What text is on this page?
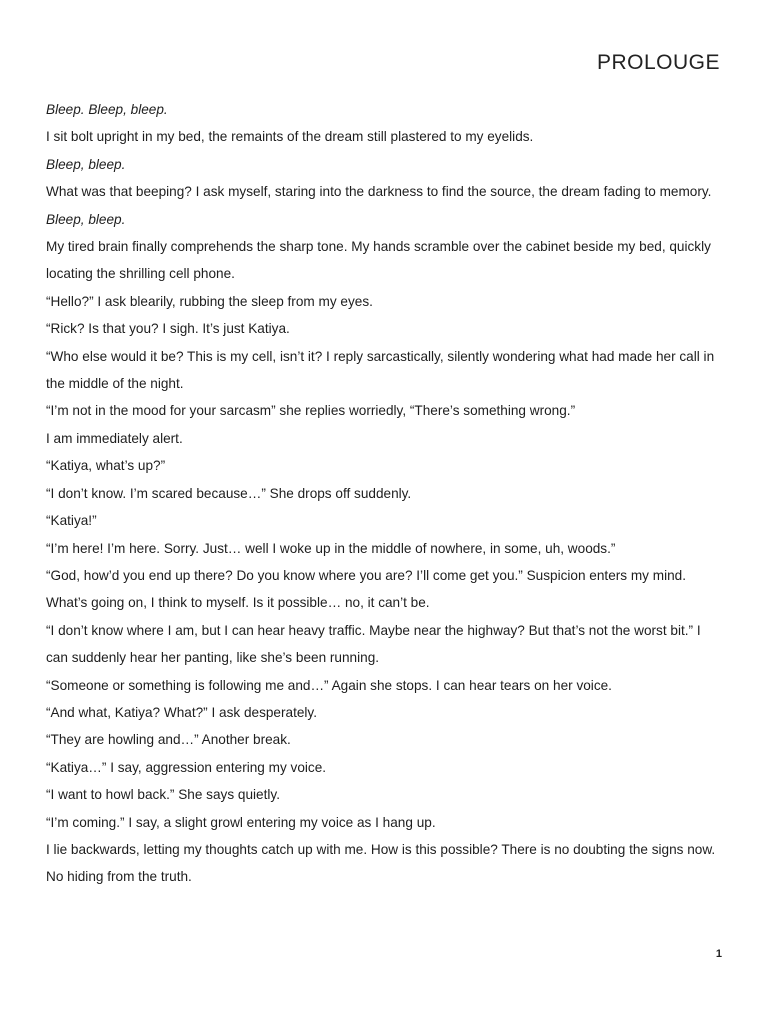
PROLOUGE

Bleep. Bleep, bleep.

I sit bolt upright in my bed, the remaints of the dream still plastered to my eyelids.

Bleep, bleep.

What was that beeping? I ask myself, staring into the darkness to find the source, the dream fading to memory.

Bleep, bleep.

My tired brain finally comprehends the sharp tone. My hands scramble over the cabinet beside my bed, quickly locating the shrilling cell phone.

“Hello?” I ask blearily, rubbing the sleep from my eyes.

“Rick? Is that you? I sigh. It’s just Katiya.

“Who else would it be? This is my cell, isn’t it? I reply sarcastically, silently wondering what had made her call in the middle of the night.

“I’m not in the mood for your sarcasm” she replies worriedly, “There’s something wrong.”

I am immediately alert.

“Katiya, what’s up?”

“I don’t know. I’m scared because…” She drops off suddenly.

“Katiya!”

“I’m here! I’m here. Sorry. Just… well I woke up in the middle of nowhere, in some, uh, woods.”

“God, how’d you end up there? Do you know where you are? I’ll come get you.” Suspicion enters my mind. What’s going on, I think to myself. Is it possible… no, it can’t be.

“I don’t know where I am, but I can hear heavy traffic. Maybe near the highway? But that’s not the worst bit.” I can suddenly hear her panting, like she’s been running.

“Someone or something is following me and…” Again she stops. I can hear tears on her voice.

“And what, Katiya? What?” I ask desperately.

“They are howling and…” Another break.

“Katiya…” I say, aggression entering my voice.

“I want to howl back.” She says quietly.

“I’m coming.” I say, a slight growl entering my voice as I hang up.

I lie backwards, letting my thoughts catch up with me. How is this possible? There is no doubting the signs now. No hiding from the truth.

1
